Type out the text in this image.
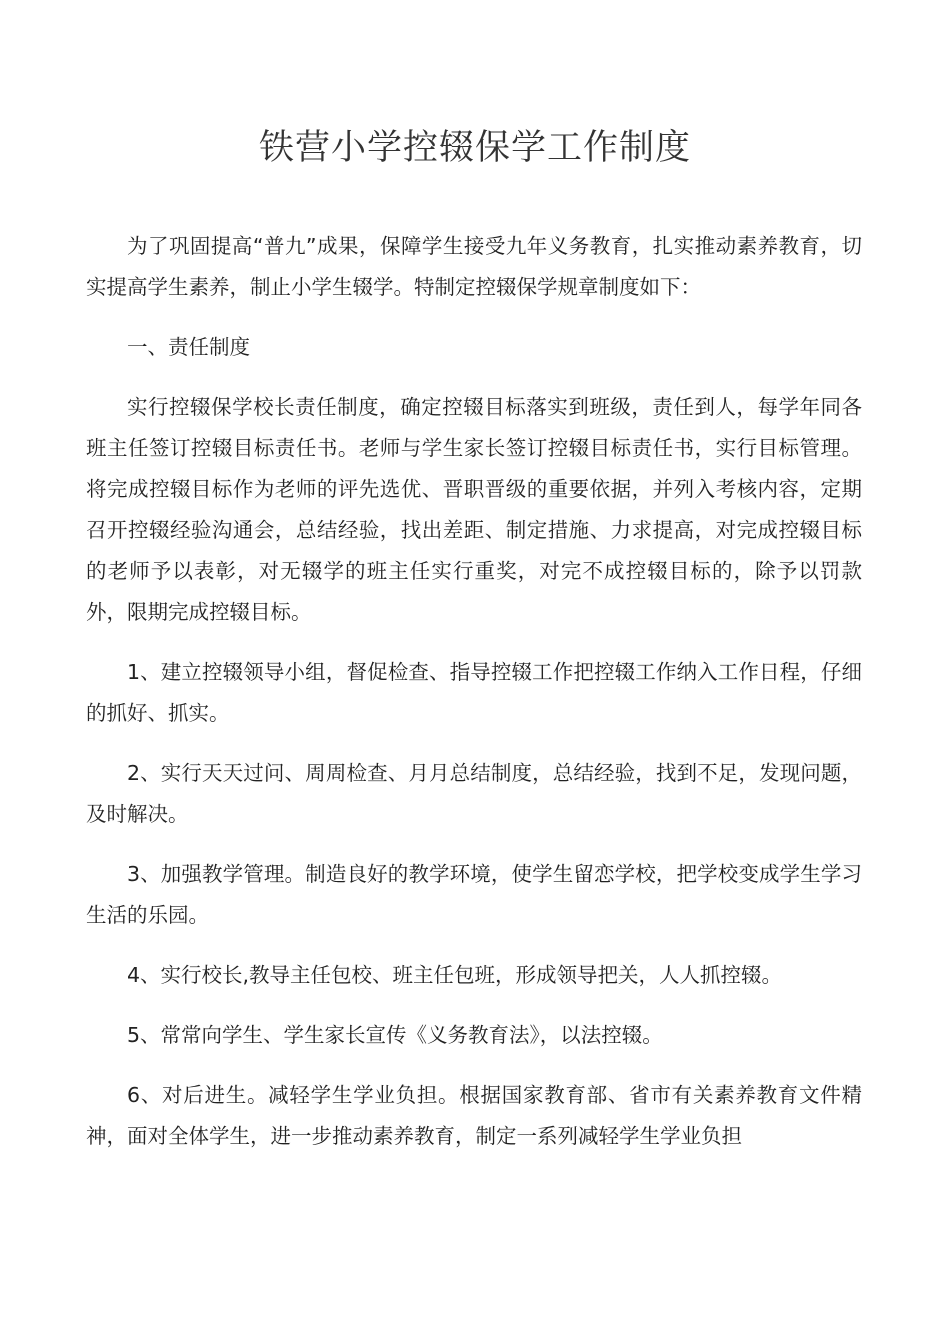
铁营小学控辍保学工作制度

为了巩固提高“普九”成果，保障学生接受九年义务教育，扎实推动素养教育，切实提高学生素养，制止小学生辍学。特制定控辍保学规章制度如下：

一、责任制度

实行控辍保学校长责任制度，确定控辍目标落实到班级，责任到人，每学年同各班主任签订控辍目标责任书。老师与学生家长签订控辍目标责任书，实行目标管理。将完成控辍目标作为老师的评先选优、晋职晋级的重要依据，并列入考核内容，定期召开控辍经验沟通会，总结经验，找出差距、制定措施、力求提高，对完成控辍目标的老师予以表彰，对无辍学的班主任实行重奖，对完不成控辍目标的，除予以罚款外，限期完成控辍目标。

1、建立控辍领导小组，督促检查、指导控辍工作把控辍工作纳入工作日程，仔细的抓好、抓实。

2、实行天天过问、周周检查、月月总结制度，总结经验，找到不足，发现问题，及时解决。

3、加强教学管理。制造良好的教学环境，使学生留恋学校，把学校变成学生学习生活的乐园。

4、实行校长,教导主任包校、班主任包班，形成领导把关，人人抓控辍。

5、常常向学生、学生家长宣传《义务教育法》，以法控辍。

6、对后进生。减轻学生学业负担。根据国家教育部、省市有关素养教育文件精神，面对全体学生，进一步推动素养教育，制定一系列减轻学生学业负担
